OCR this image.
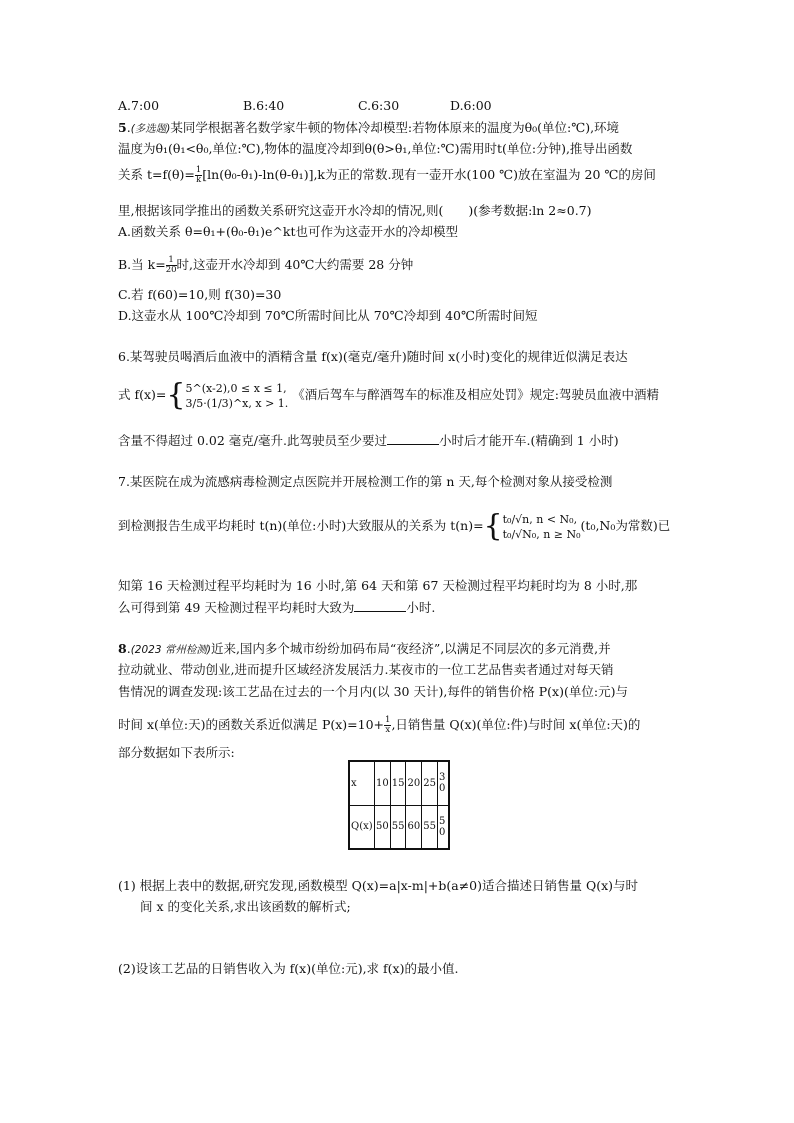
A.7:00	B.6:40	C.6:30	D.6:00
5.(多选题)某同学根据著名数学家牛顿的物体冷却模型:若物体原来的温度为θ₀(单位:℃),环境
温度为θ₁(θ₁<θ₀,单位:℃),物体的温度冷却到θ(θ>θ₁,单位:℃)需用时t(单位:分钟),推导出函数
关系 $t=f(\theta)= \frac{1}{k} [\ln(\theta_0-\theta_1)-\ln(\theta-\theta_1)],k$为正的常数.现有一壶开水(100 ℃)放在室温为 20 ℃的房间
里,根据该同学推出的函数关系研究这壶开水冷却的情况,则(　　)(参考数据:ln 2≈0.7)
A.函数关系 θ=θ₁+(θ₀-θ₁)e^kt也可作为这壶开水的冷却模型
B.当 $k= \frac{1}{20}$ 时,这壶开水冷却到 40℃大约需要 28 分钟
C.若 f(60)=10,则 f(30)=30
D.这壶水从 100℃冷却到 70℃所需时间比从 70℃冷却到 40℃所需时间短
6.某驾驶员喝酒后血液中的酒精含量 f(x)(毫克/毫升)随时间 x(小时)变化的规律近似满足表达
式 f(x)={ 5^(x-2),0 ≤ x ≤ 1,
3/5·(1/3)^x, x > 1.
《酒后驾车与醉酒驾车的标准及相应处罚》规定:驾驶员血液中酒精
含量不得超过 0.02 毫克/毫升.此驾驶员至少要过	小时后才能开车.(精确到 1 小时)
7.某医院在成为流感病毒检测定点医院并开展检测工作的第 n 天,每个检测对象从接受检测
到检测报告生成平均耗时 t(n)(单位:小时)大致服从的关系为 t(n)={ t₀/√n, n < N₀,
t₀/√N₀, n ≥ N₀
(t₀,N₀为常数)已
知第 16 天检测过程平均耗时为 16 小时,第 64 天和第 67 天检测过程平均耗时均为 8 小时,那
么可得到第 49 天检测过程平均耗时大致为	小时.
8.(2023 常州检测)近来,国内多个城市纷纷加码布局“夜经济”,以满足不同层次的多元消费,并
拉动就业、带动创业,进而提升区域经济发展活力.某夜市的一位工艺品售卖者通过对每天销
售情况的调查发现:该工艺品在过去的一个月内(以 30 天计),每件的销售价格 P(x)(单位:元)与
时间 x(单位:天)的函数关系近似满足 $P(x)=10+ \frac{1}{x}$ ,日销售量 Q(x)(单位:件)与时间 x(单位:天)的
部分数据如下表所示:
x	10	15	20	25	30
Q(x)	50	55	60	55	50
(1) 根据上表中的数据,研究发现,函数模型 Q(x)=a|x-m|+b(a≠0)适合描述日销售量 Q(x)与时
间 x 的变化关系,求出该函数的解析式;
(2)设该工艺品的日销售收入为 f(x)(单位:元),求 f(x)的最小值.
